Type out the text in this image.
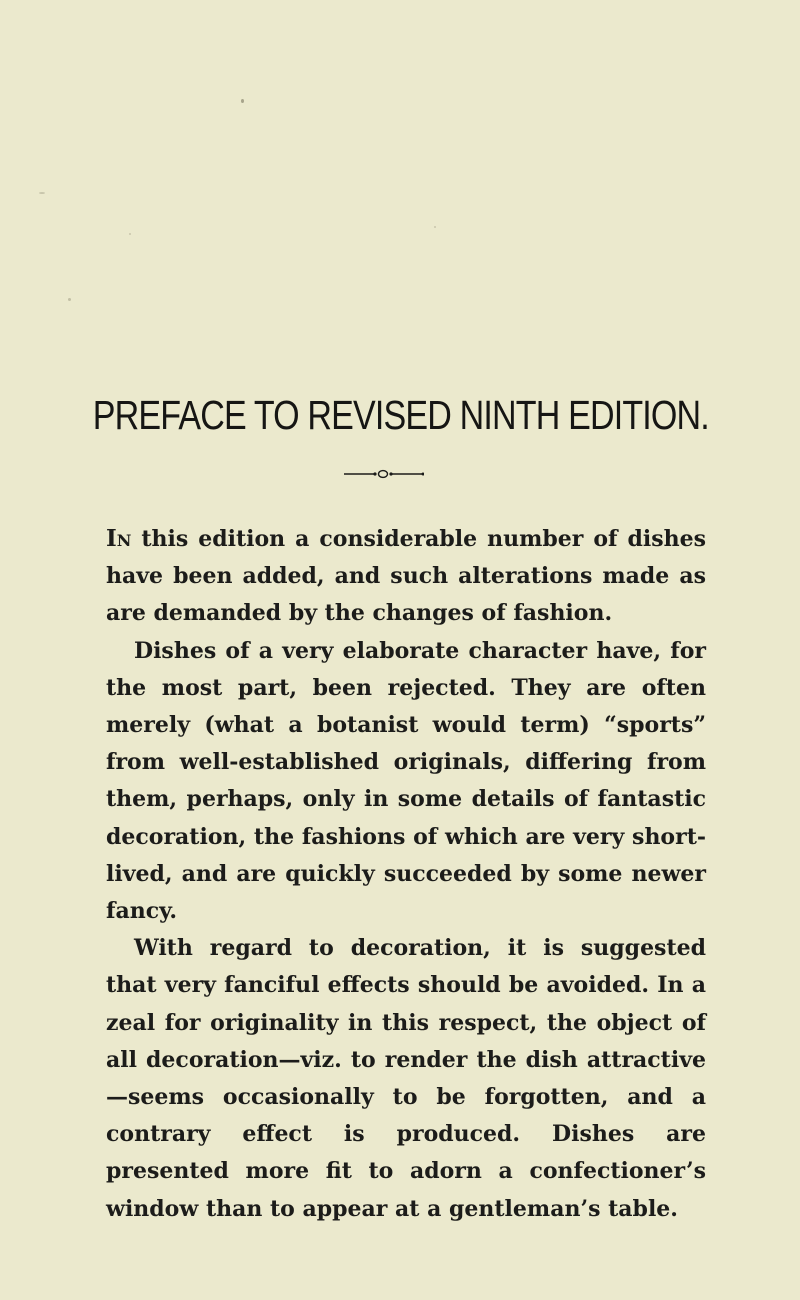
PREFACE TO REVISED NINTH EDITION.

In this edition a considerable number of dishes have been added, and such alterations made as are demanded by the changes of fashion.

Dishes of a very elaborate character have, for the most part, been rejected. They are often merely (what a botanist would term) “sports” from well-established originals, differing from them, perhaps, only in some details of fantastic decoration, the fashions of which are very short-lived, and are quickly succeeded by some newer fancy.

With regard to decoration, it is suggested that very fanciful effects should be avoided. In a zeal for originality in this respect, the object of all decoration—viz. to render the dish attractive—seems occasionally to be forgotten, and a contrary effect is produced. Dishes are presented more fit to adorn a confectioner’s window than to appear at a gentleman’s table.
